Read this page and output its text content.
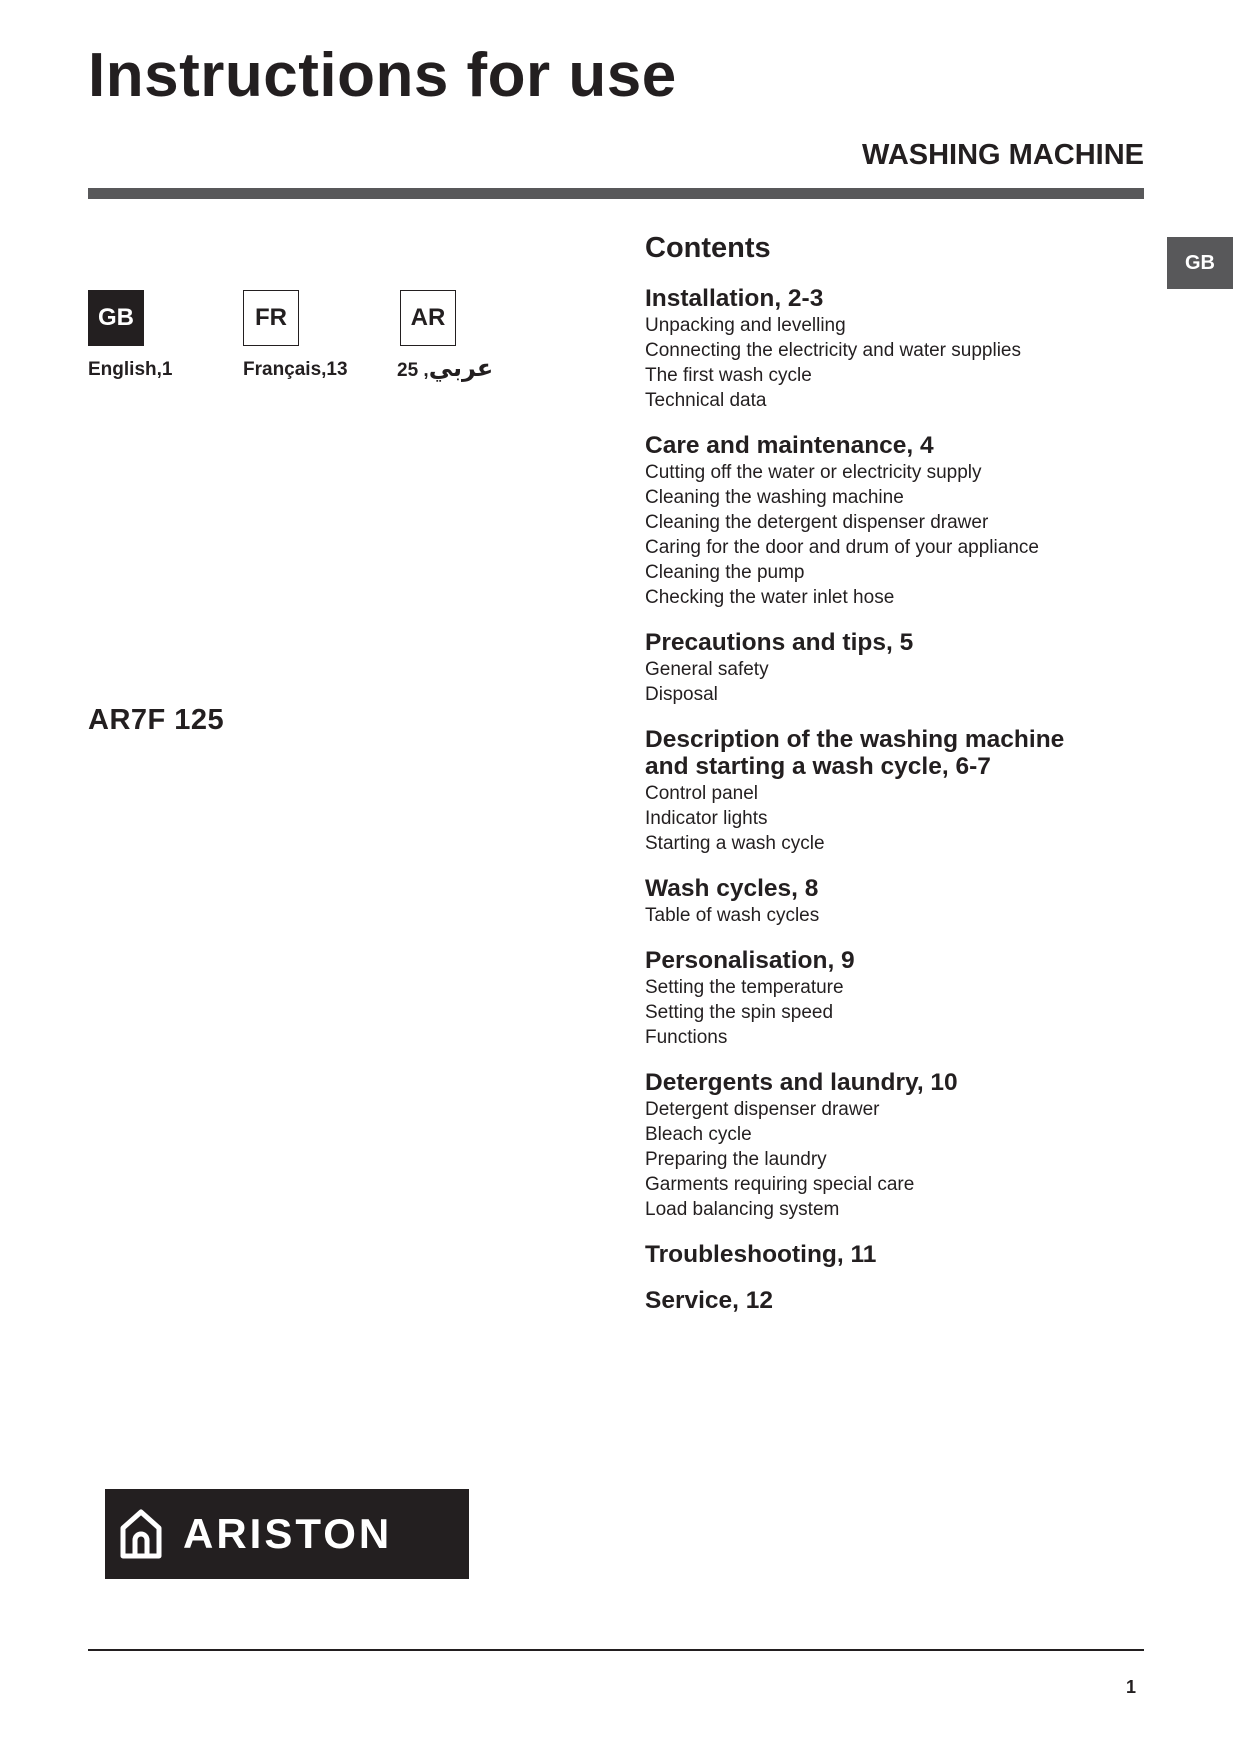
Instructions for use
WASHING MACHINE
GB
GB
English,1
FR
Français,13
AR
عربي, 25
AR7F 125
Contents
Installation, 2-3
Unpacking and levelling
Connecting the electricity and water supplies
The first wash cycle
Technical data
Care and maintenance, 4
Cutting off the water or electricity supply
Cleaning the washing machine
Cleaning the detergent dispenser drawer
Caring for the door and drum of your appliance
Cleaning the pump
Checking the water inlet hose
Precautions and tips, 5
General safety
Disposal
Description of the washing machine
and starting a wash cycle, 6-7
Control panel
Indicator lights
Starting a wash cycle
Wash cycles, 8
Table of wash cycles
Personalisation, 9
Setting the temperature
Setting the spin speed
Functions
Detergents and laundry, 10
Detergent dispenser drawer
Bleach cycle
Preparing the laundry
Garments requiring special care
Load balancing system
Troubleshooting, 11
Service, 12
ARISTON
1
